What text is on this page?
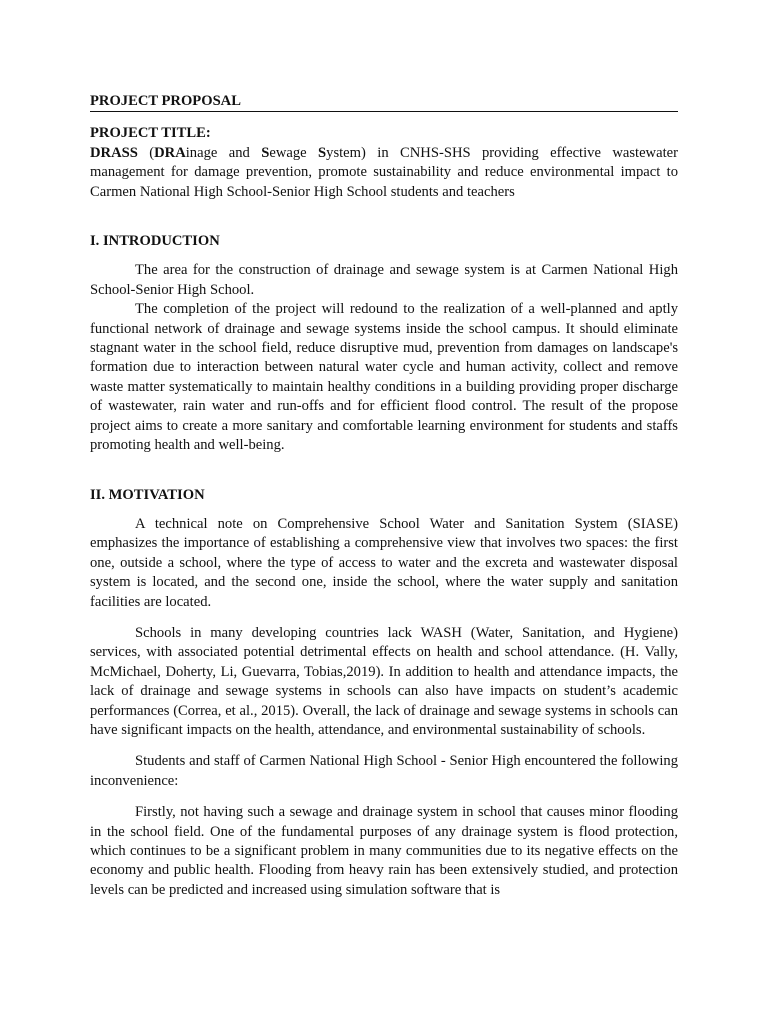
PROJECT PROPOSAL

PROJECT TITLE:

DRASS (DRAinage and Sewage System) in CNHS-SHS providing effective wastewater management for damage prevention, promote sustainability and reduce environmental impact to Carmen National High School-Senior High School students and teachers

I. INTRODUCTION

The area for the construction of drainage and sewage system is at Carmen National High School-Senior High School.

The completion of the project will redound to the realization of a well-planned and aptly functional network of drainage and sewage systems inside the school campus. It should eliminate stagnant water in the school field, reduce disruptive mud, prevention from damages on landscape's formation due to interaction between natural water cycle and human activity, collect and remove waste matter systematically to maintain healthy conditions in a building providing proper discharge of wastewater, rain water and run-offs and for efficient flood control. The result of the propose project aims to create a more sanitary and comfortable learning environment for students and staffs promoting health and well-being.

II. MOTIVATION

A technical note on Comprehensive School Water and Sanitation System (SIASE) emphasizes the importance of establishing a comprehensive view that involves two spaces: the first one, outside a school, where the type of access to water and the excreta and wastewater disposal system is located, and the second one, inside the school, where the water supply and sanitation facilities are located.

Schools in many developing countries lack WASH (Water, Sanitation, and Hygiene) services, with associated potential detrimental effects on health and school attendance. (H. Vally, McMichael, Doherty, Li, Guevarra, Tobias,2019). In addition to health and attendance impacts, the lack of drainage and sewage systems in schools can also have impacts on student’s academic performances (Correa, et al., 2015). Overall, the lack of drainage and sewage systems in schools can have significant impacts on the health, attendance, and environmental sustainability of schools.

Students and staff of Carmen National High School - Senior High encountered the following inconvenience:

Firstly, not having such a sewage and drainage system in school that causes minor flooding in the school field. One of the fundamental purposes of any drainage system is flood protection, which continues to be a significant problem in many communities due to its negative effects on the economy and public health. Flooding from heavy rain has been extensively studied, and protection levels can be predicted and increased using simulation software that is
